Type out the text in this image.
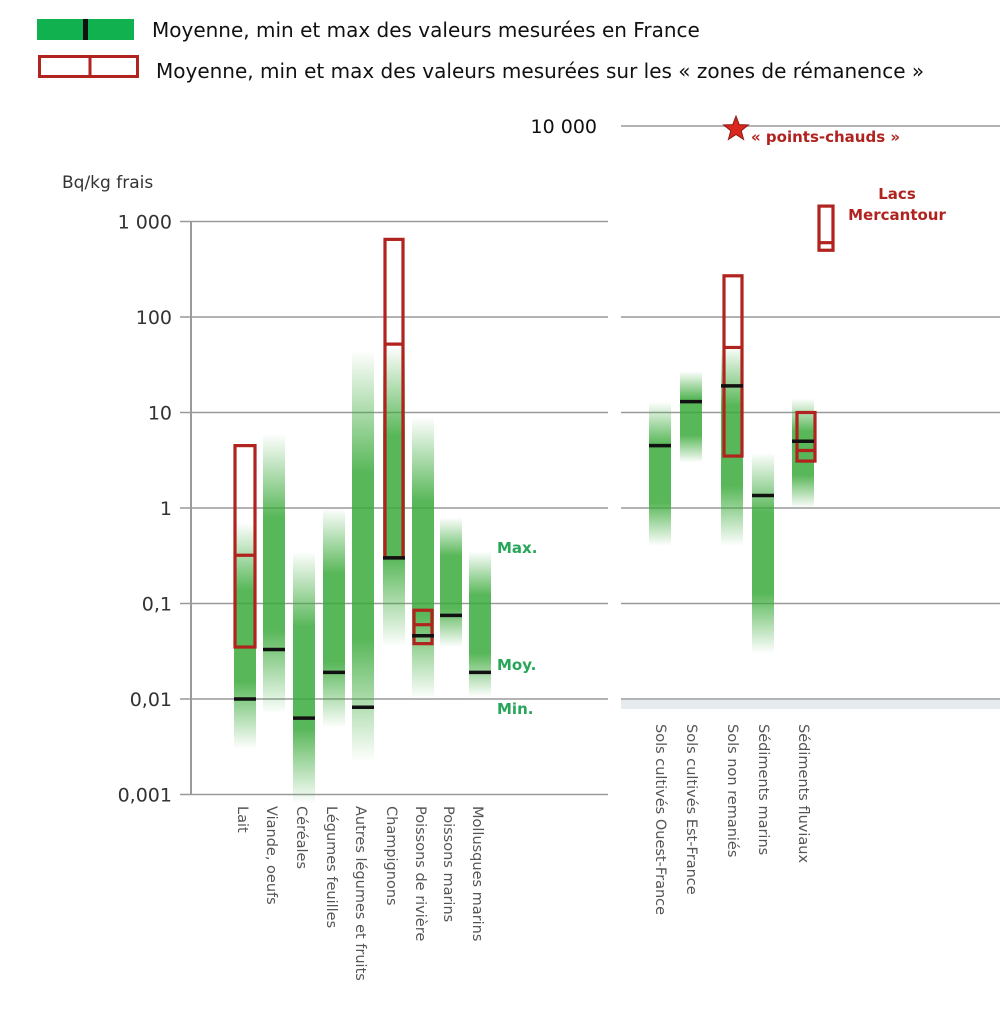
Moyenne, min et max des valeurs mesurées en France
Moyenne, min et max des valeurs mesurées sur les « zones de rémanence »
Bq/kg frais
1 000
100
10
1
0,1
0,01
0,001
Max.
Moy.
Min.
Lait Viande, oeufs Céréales Légumes feuilles Autres légumes et fruits Champignons Poissons de rivière Poissons marins Mollusques marins
10 000	« points-chauds »
Lacs Mercantour
Sols cultivés Ouest-France Sols cultivés Est-France Sols non remaniés Sédiments marins Sédiments fluviaux
